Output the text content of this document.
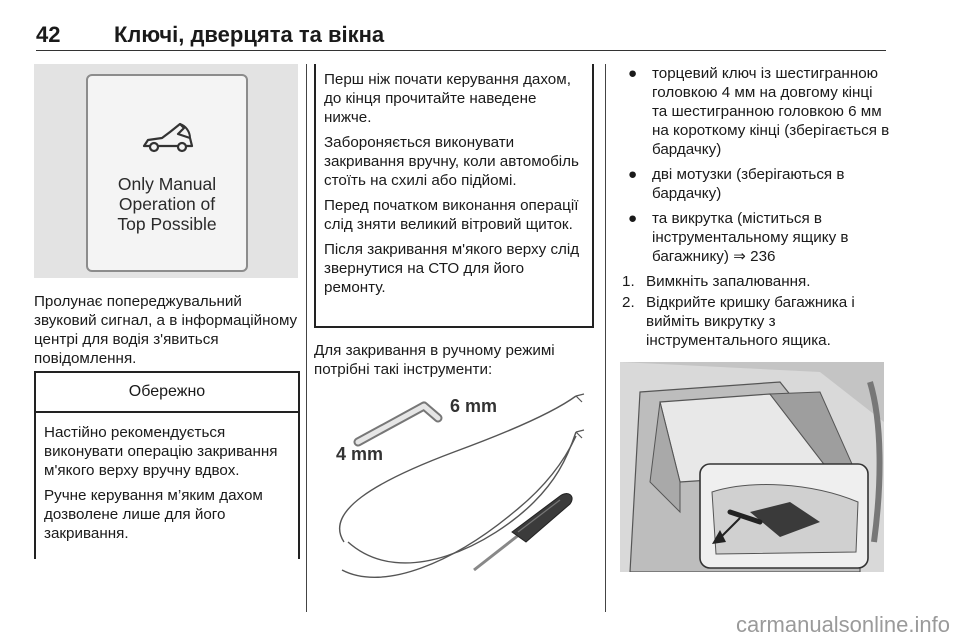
42 Ключі, дверцята та вікна
Only Manual
Operation of
Top Possible

Пролунає попереджувальний звуковий сигнал, а в інформаційному центрі для водія з'явиться повідомлення.

Обережно

Настійно рекомендується виконувати операцію закривання м'якого верху вручну вдвох.

Ручне керування м’яким дахом дозволене лише для його закривання.

Перш ніж почати керування дахом, до кінця прочитайте наведене нижче.

Забороняється виконувати закривання вручну, коли автомобіль стоїть на схилі або підйомі.

Перед початком виконання операції слід зняти великий вітровий щиток.

Після закривання м'якого верху слід звернутися на СТО для його ремонту.

Для закривання в ручному режимі потрібні такі інструменти:

6 mm
4 mm

● торцевий ключ із шестигранною головкою 4 мм на довгому кінці та шестигранною головкою 6 мм на короткому кінці (зберігається в бардачку)

● дві мотузки (зберігаються в бардачку)

● та викрутка (міститься в інструментальному ящику в багажнику) ⇒ 236

1. Вимкніть запалювання.

2. Відкрийте кришку багажника і вийміть викрутку з інструментального ящика.

carmanualsonline.info
